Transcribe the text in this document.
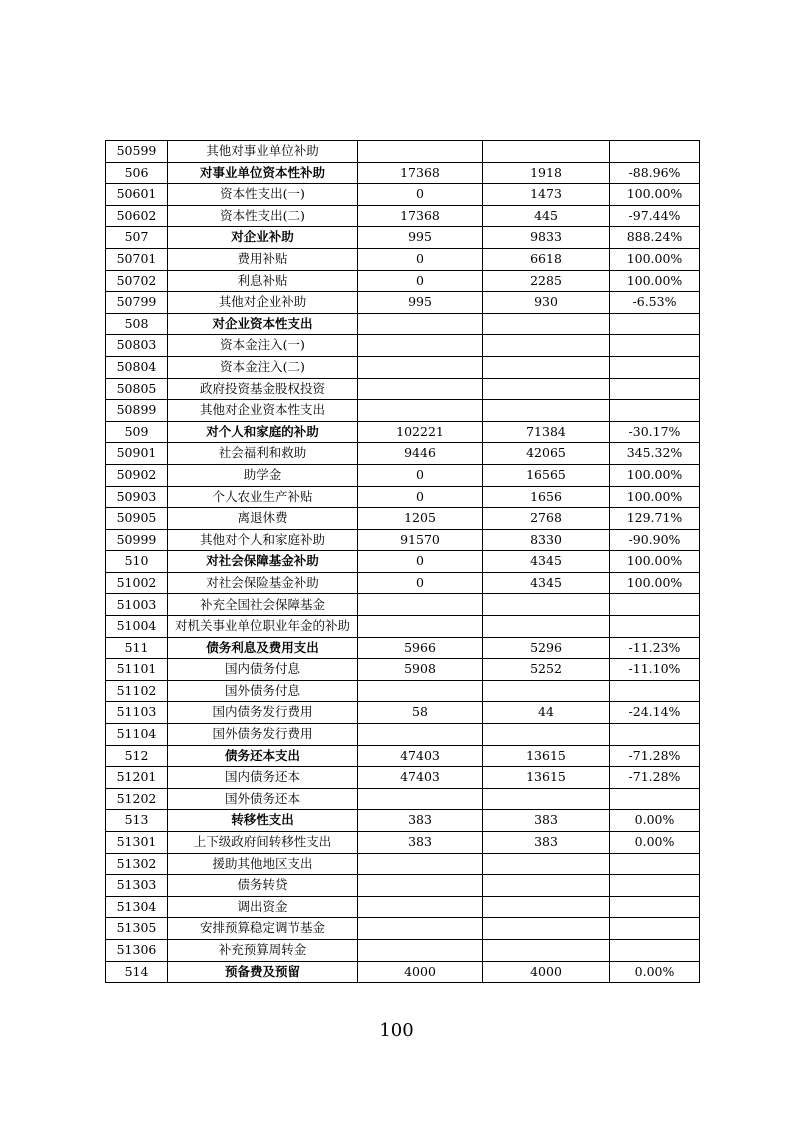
50599	其他对事业单位补助			
506	对事业单位资本性补助	17368	1918	-88.96%
50601	资本性支出(一)	0	1473	100.00%
50602	资本性支出(二)	17368	445	-97.44%
507	对企业补助	995	9833	888.24%
50701	费用补贴	0	6618	100.00%
50702	利息补贴	0	2285	100.00%
50799	其他对企业补助	995	930	-6.53%
508	对企业资本性支出			
50803	资本金注入(一)			
50804	资本金注入(二)			
50805	政府投资基金股权投资			
50899	其他对企业资本性支出			
509	对个人和家庭的补助	102221	71384	-30.17%
50901	社会福利和救助	9446	42065	345.32%
50902	助学金	0	16565	100.00%
50903	个人农业生产补贴	0	1656	100.00%
50905	离退休费	1205	2768	129.71%
50999	其他对个人和家庭补助	91570	8330	-90.90%
510	对社会保障基金补助	0	4345	100.00%
51002	对社会保险基金补助	0	4345	100.00%
51003	补充全国社会保障基金			
51004	对机关事业单位职业年金的补助			
511	债务利息及费用支出	5966	5296	-11.23%
51101	国内债务付息	5908	5252	-11.10%
51102	国外债务付息			
51103	国内债务发行费用	58	44	-24.14%
51104	国外债务发行费用			
512	债务还本支出	47403	13615	-71.28%
51201	国内债务还本	47403	13615	-71.28%
51202	国外债务还本			
513	转移性支出	383	383	0.00%
51301	上下级政府间转移性支出	383	383	0.00%
51302	援助其他地区支出			
51303	债务转贷			
51304	调出资金			
51305	安排预算稳定调节基金			
51306	补充预算周转金			
514	预备费及预留	4000	4000	0.00%
100
